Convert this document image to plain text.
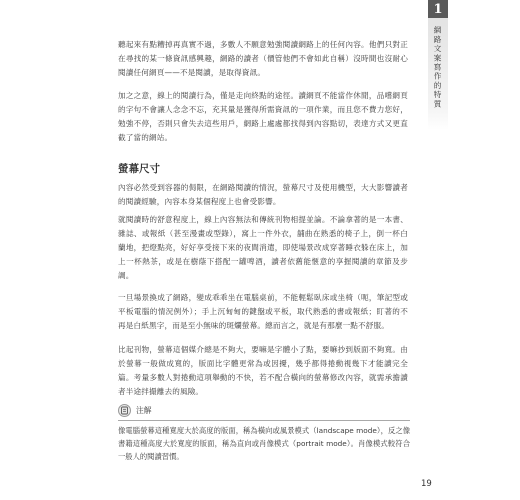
聽起來有點糟掉再真實不過，多數人不願意勉強閱讀網路上的任何內容。他們只對正在尋找的某一條資訊感興趣，網路的讀者（價管他們不會如此自稱）沒時間也沒耐心閱讀任何網頁——不是閱讀，是取得資訊。

加之之意，線上的閱讀行為，僅是走向終點的途徑。讀網頁不能當作休閒，品嚐網頁的字句不會讓人念念不忘，充其量是獲得所需資訊的一項作業，而且您不費力您好，勉強不停，否則只會失去這些用戶，網路上處處都找得到內容點切，表達方式又更直截了當的網站。

螢幕尺寸

內容必然受到容器的侷限，在網路閱讀的情況，螢幕尺寸及使用機型，大大影響讀者的閱讀經驗，內容本身某個程度上也會受影響。

就閱讀時的舒意程度上，線上內容無法和傳統刊物相提並論。不論拿著的是一本書、雜誌、或報紙（甚至漫畫或型錄），窩上一件外衣，舖曲在熟悉的椅子上，倒一杯白蘭地，把燈點亮，好好享受接下來的夜間消遣，即使場景改成穿著睡衣躲在床上，加上一杯熱茶，或是在樹蔭下搭配一罐啤酒，讀者依舊能愜意的享握閱讀的章節及步調。

一旦場景換成了網路，變成乖乖坐在電腦桌前，不能輕鬆臥床或坐椅（呃，筆記型或平板電腦的情況例外）；手上沉甸甸的鍵盤或平板，取代熟悉的書或報紙；盯著的不再是白紙黑字，而是至小無味的斑爛螢幕。總而言之，就是有那麼一點不舒服。

比起刊物，螢幕這個媒介總是不夠大，要嘛是字體小了點，要嘛抄到版面不夠寬。由於螢幕一般做成寬的，版面比字體更常為或因擾，幾乎都得捲動視幾下才能讀完全篇。考量多數人對捲動這項舉動的不快，若不配合橫向的螢幕修改內容，就需承擔讀者半途拌撮離去的風險。

注解

像電腦螢幕這種寬度大於高度的版面，稱為橫向或風景模式（landscape mode），反之像書籍這種高度大於寬度的版面，稱為直向或肖像模式（portrait mode）。肖像模式較符合一般人的閱讀習慣。

1
網路文案寫作的特質
19
